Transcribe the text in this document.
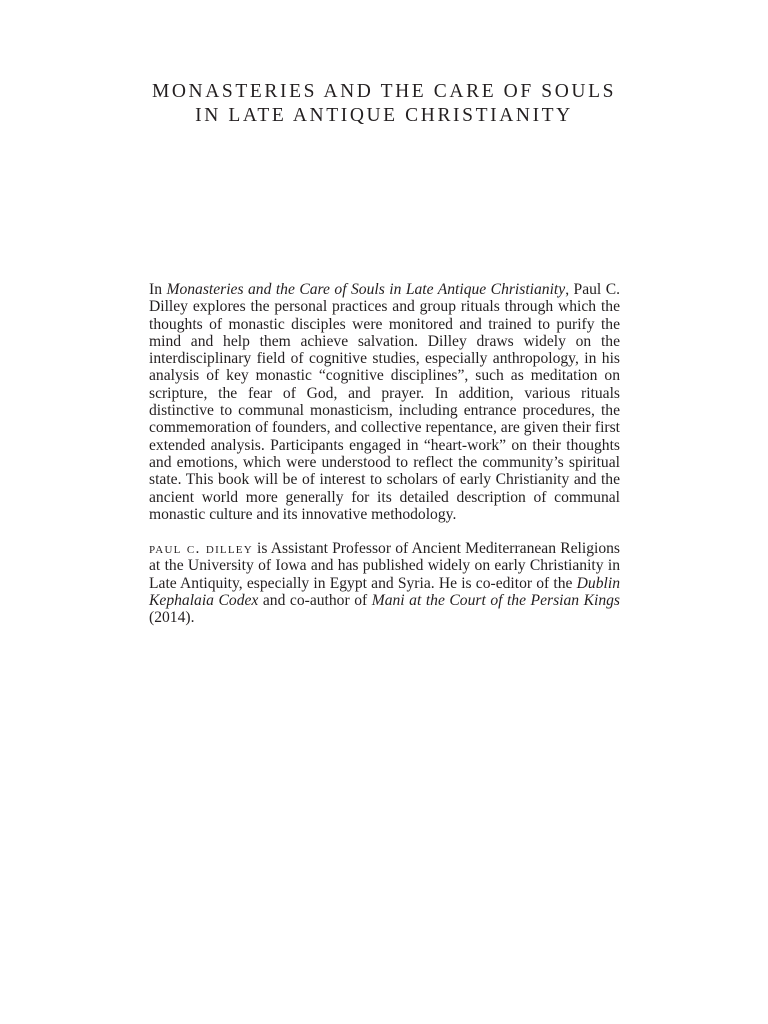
MONASTERIES AND THE CARE OF SOULS
IN LATE ANTIQUE CHRISTIANITY

In Monasteries and the Care of Souls in Late Antique Christianity, Paul C. Dilley explores the personal practices and group rituals through which the thoughts of monastic disciples were monitored and trained to purify the mind and help them achieve salvation. Dilley draws widely on the interdisciplinary field of cognitive studies, especially anthropology, in his analysis of key monastic “cognitive disciplines”, such as meditation on scripture, the fear of God, and prayer. In addition, various rituals distinctive to communal monasticism, including entrance procedures, the commemoration of founders, and collective repentance, are given their first extended analysis. Participants engaged in “heart-work” on their thoughts and emotions, which were understood to reflect the community’s spiritual state. This book will be of interest to scholars of early Christianity and the ancient world more generally for its detailed description of communal monastic culture and its innovative methodology.

paul c. dilley is Assistant Professor of Ancient Mediterranean Religions at the University of Iowa and has published widely on early Christianity in Late Antiquity, especially in Egypt and Syria. He is co-editor of the Dublin Kephalaia Codex and co-author of Mani at the Court of the Persian Kings (2014).
